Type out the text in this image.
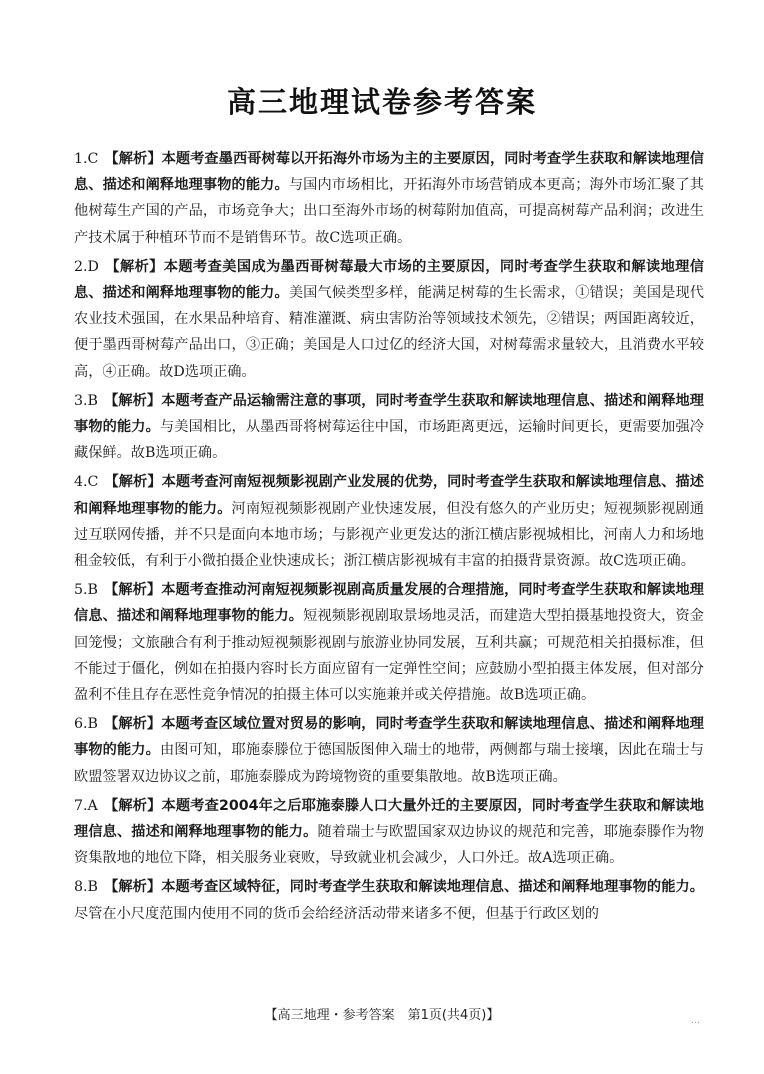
高三地理试卷参考答案
1.C 【解析】本题考查墨西哥树莓以开拓海外市场为主的主要原因，同时考查学生获取和解读地理信息、描述和阐释地理事物的能力。与国内市场相比，开拓海外市场营销成本更高；海外市场汇聚了其他树莓生产国的产品，市场竞争大；出口至海外市场的树莓附加值高，可提高树莓产品利润；改进生产技术属于种植环节而不是销售环节。故C选项正确。
2.D 【解析】本题考查美国成为墨西哥树莓最大市场的主要原因，同时考查学生获取和解读地理信息、描述和阐释地理事物的能力。美国气候类型多样，能满足树莓的生长需求，①错误；美国是现代农业技术强国，在水果品种培育、精准灌溉、病虫害防治等领域技术领先，②错误；两国距离较近，便于墨西哥树莓产品出口，③正确；美国是人口过亿的经济大国，对树莓需求量较大，且消费水平较高，④正确。故D选项正确。
3.B 【解析】本题考查产品运输需注意的事项，同时考查学生获取和解读地理信息、描述和阐释地理事物的能力。与美国相比，从墨西哥将树莓运往中国，市场距离更远，运输时间更长，更需要加强冷藏保鲜。故B选项正确。
4.C 【解析】本题考查河南短视频影视剧产业发展的优势，同时考查学生获取和解读地理信息、描述和阐释地理事物的能力。河南短视频影视剧产业快速发展，但没有悠久的产业历史；短视频影视剧通过互联网传播，并不只是面向本地市场；与影视产业更发达的浙江横店影视城相比，河南人力和场地租金较低，有利于小微拍摄企业快速成长；浙江横店影视城有丰富的拍摄背景资源。故C选项正确。
5.B 【解析】本题考查推动河南短视频影视剧高质量发展的合理措施，同时考查学生获取和解读地理信息、描述和阐释地理事物的能力。短视频影视剧取景场地灵活，而建造大型拍摄基地投资大，资金回笼慢；文旅融合有利于推动短视频影视剧与旅游业协同发展，互利共赢；可规范相关拍摄标准，但不能过于僵化，例如在拍摄内容时长方面应留有一定弹性空间；应鼓励小型拍摄主体发展，但对部分盈利不佳且存在恶性竞争情况的拍摄主体可以实施兼并或关停措施。故B选项正确。
6.B 【解析】本题考查区域位置对贸易的影响，同时考查学生获取和解读地理信息、描述和阐释地理事物的能力。由图可知，耶施泰滕位于德国版图伸入瑞士的地带，两侧都与瑞士接壤，因此在瑞士与欧盟签署双边协议之前，耶施泰滕成为跨境物资的重要集散地。故B选项正确。
7.A 【解析】本题考查2004年之后耶施泰滕人口大量外迁的主要原因，同时考查学生获取和解读地理信息、描述和阐释地理事物的能力。随着瑞士与欧盟国家双边协议的规范和完善，耶施泰滕作为物资集散地的地位下降，相关服务业衰败，导致就业机会减少，人口外迁。故A选项正确。
8.B 【解析】本题考查区域特征，同时考查学生获取和解读地理信息、描述和阐释地理事物的能力。尽管在小尺度范围内使用不同的货币会给经济活动带来诸多不便，但基于行政区划的
【高三地理・参考答案　第1页(共4页)】	…
